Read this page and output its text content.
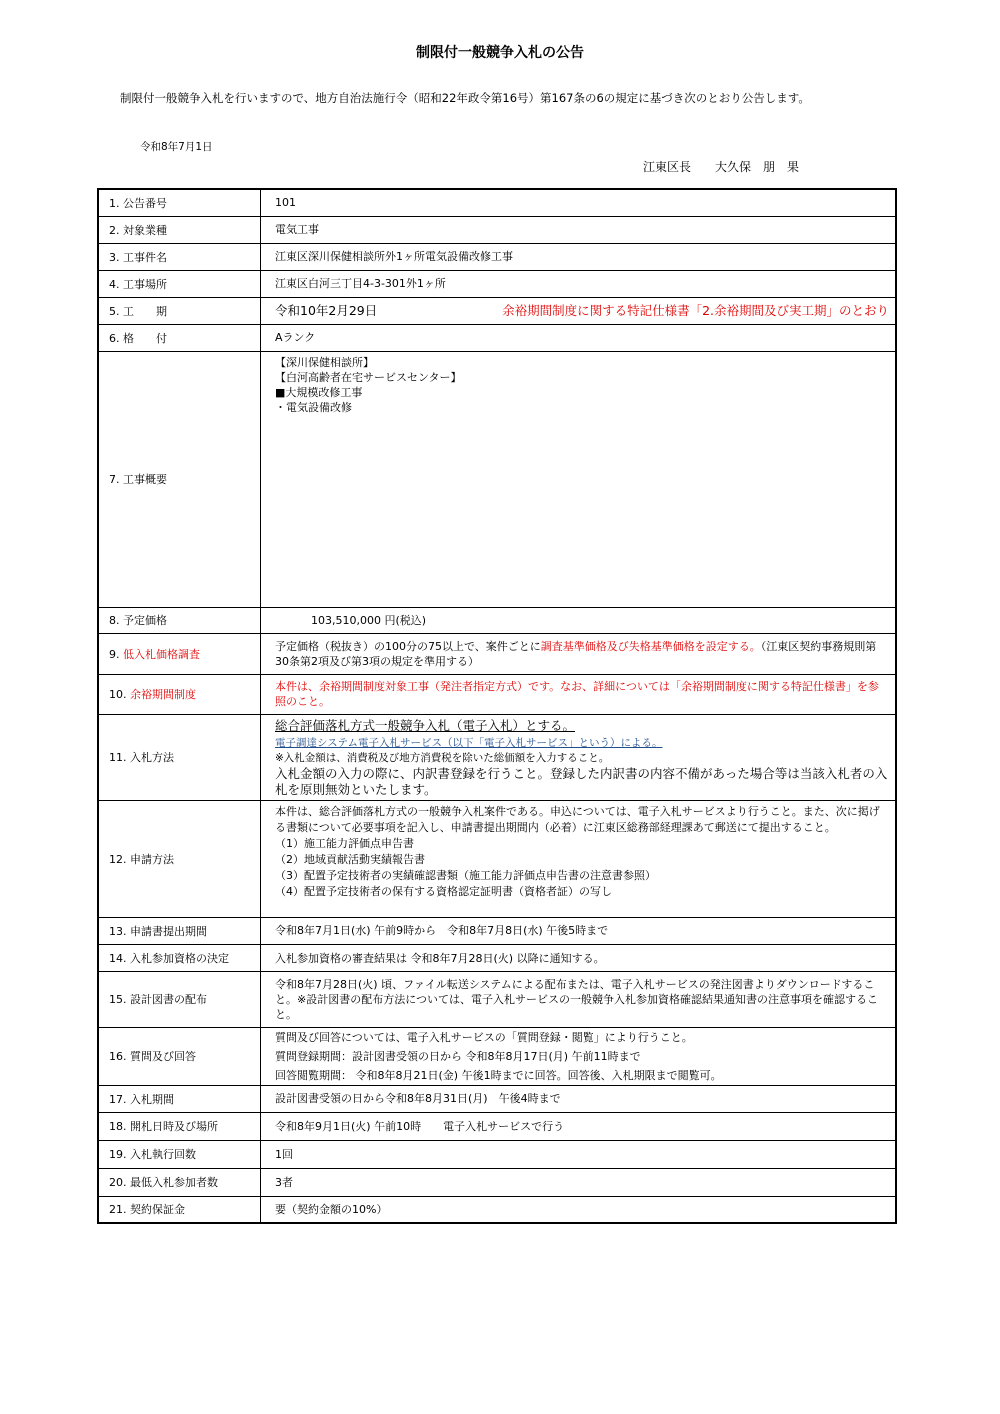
制限付一般競争入札の公告
制限付一般競争入札を行いますので、地方自治法施行令（昭和22年政令第16号）第167条の6の規定に基づき次のとおり公告します。
令和8年7月1日
江東区長　　大久保　朋　果
1. 公告番号	101
2. 対象業種	電気工事
3. 工事件名	江東区深川保健相談所外1ヶ所電気設備改修工事
4. 工事場所	江東区白河三丁目4-3-301外1ヶ所
5. 工　　期	令和10年2月29日 余裕期間制度に関する特記仕様書「2.余裕期間及び実工期」のとおり

6. 格　　付	Aランク
7. 工事概要	【深川保健相談所】
【白河高齢者在宅サービスセンター】
■大規模改修工事
・電気設備改修

8. 予定価格	103,510,000 円(税込)
9. 低入札価格調査	予定価格（税抜き）の100分の75以上で、案件ごとに調査基準価格及び失格基準価格を設定する。（江東区契約事務規則第30条第2項及び第3項の規定を準用する）
10. 余裕期間制度	本件は、余裕期間制度対象工事（発注者指定方式）です。なお、詳細については「余裕期間制度に関する特記仕様書」を参照のこと。
11. 入札方法	総合評価落札方式一般競争入札（電子入札）とする。
電子調達システム電子入札サービス（以下「電子入札サービス」という）による。
※入札金額は、消費税及び地方消費税を除いた総価額を入力すること。
入札金額の入力の際に、内訳書登録を行うこと。登録した内訳書の内容不備があった場合等は当該入札者の入札を原則無効といたします。

12. 申請方法	本件は、総合評価落札方式の一般競争入札案件である。申込については、電子入札サービスより行うこと。また、次に掲げる書類について必要事項を記入し、申請書提出期間内（必着）に江東区総務部経理課あて郵送にて提出すること。
（1）施工能力評価点申告書
（2）地域貢献活動実績報告書
（3）配置予定技術者の実績確認書類（施工能力評価点申告書の注意書参照）
（4）配置予定技術者の保有する資格認定証明書（資格者証）の写し

13. 申請書提出期間	令和8年7月1日(水) 午前9時から　令和8年7月8日(水) 午後5時まで
14. 入札参加資格の決定	入札参加資格の審査結果は 令和8年7月28日(火) 以降に通知する。
15. 設計図書の配布	令和8年7月28日(火) 頃、ファイル転送システムによる配布または、電子入札サービスの発注図書よりダウンロードすること。※設計図書の配布方法については、電子入札サービスの一般競争入札参加資格確認結果通知書の注意事項を確認すること。
16. 質問及び回答	質問及び回答については、電子入札サービスの「質問登録・閲覧」により行うこと。
質問登録期間：設計図書受領の日から 令和8年8月17日(月) 午前11時まで
回答閲覧期間： 令和8年8月21日(金) 午後1時までに回答。回答後、入札期限まで閲覧可。

17. 入札期間	設計図書受領の日から令和8年8月31日(月)　午後4時まで
18. 開札日時及び場所	令和8年9月1日(火) 午前10時　　電子入札サービスで行う
19. 入札執行回数	1回
20. 最低入札参加者数	3者
21. 契約保証金	要（契約金額の10%）
